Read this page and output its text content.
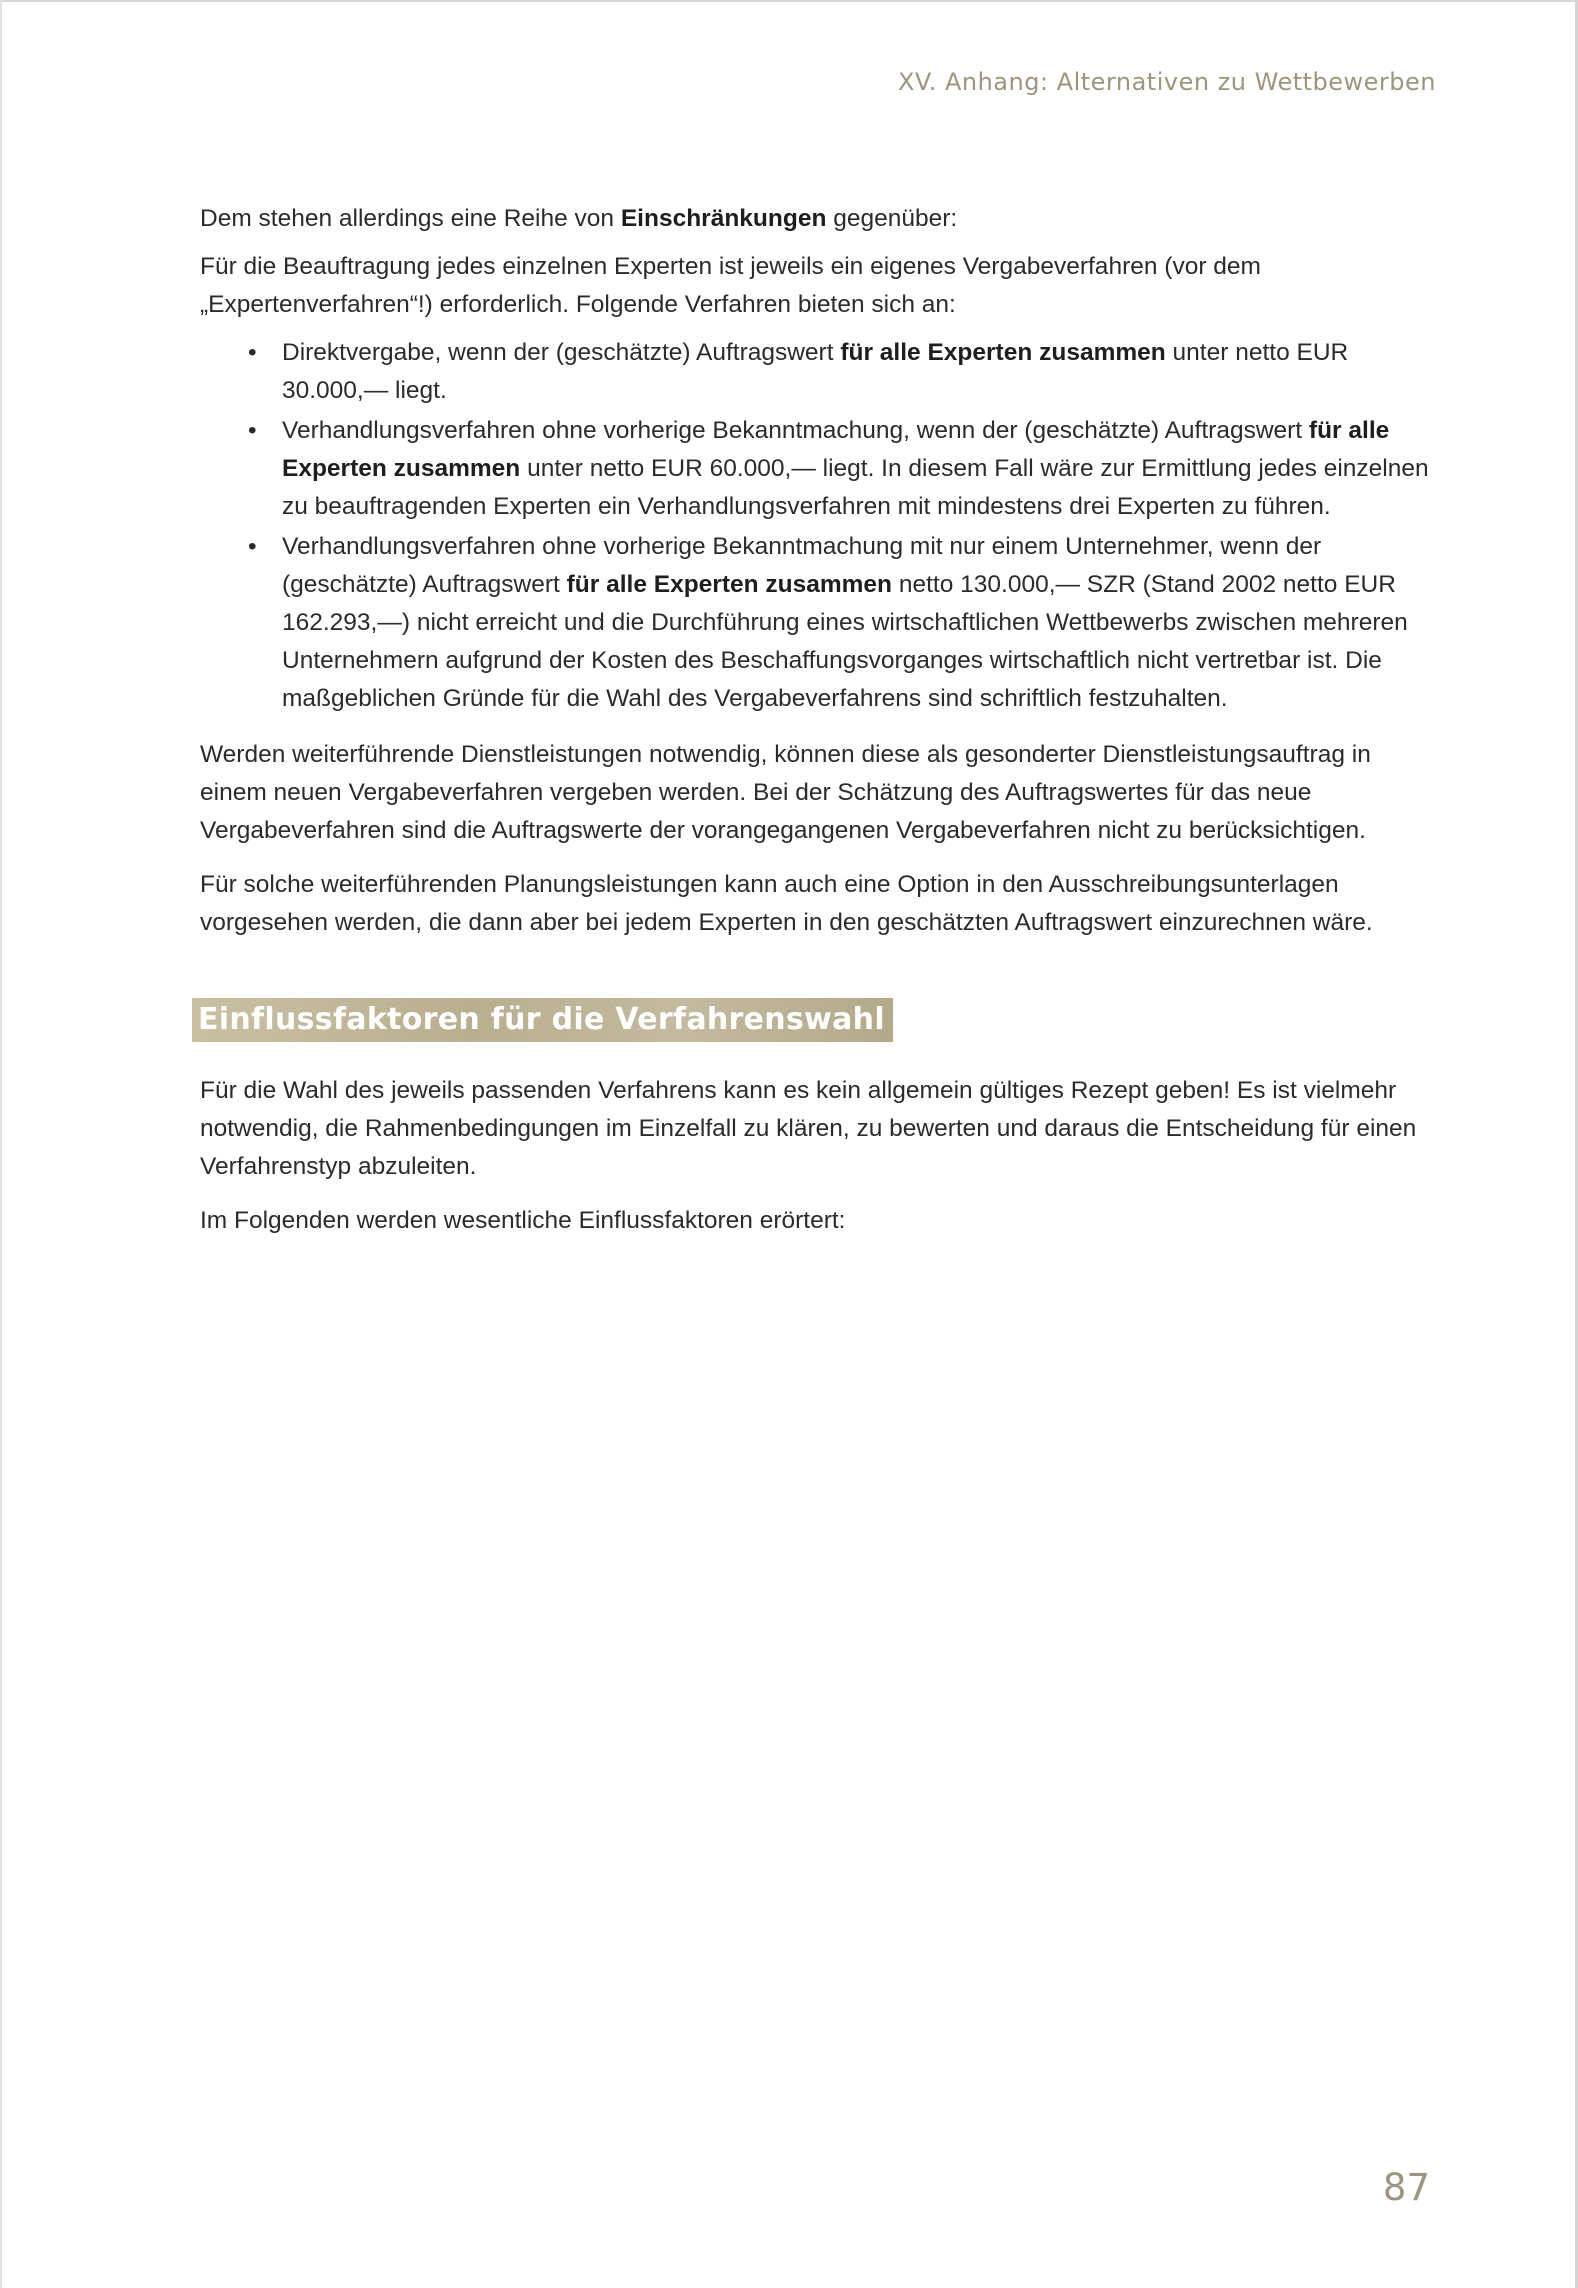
XV. Anhang: Alternativen zu Wettbewerben

Dem stehen allerdings eine Reihe von Einschränkungen gegenüber:

Für die Beauftragung jedes einzelnen Experten ist jeweils ein eigenes Vergabeverfahren (vor dem „Expertenverfahren“!) erforderlich. Folgende Verfahren bieten sich an:

• Direktvergabe, wenn der (geschätzte) Auftragswert für alle Experten zusammen unter netto EUR 30.000,— liegt.
• Verhandlungsverfahren ohne vorherige Bekanntmachung, wenn der (geschätzte) Auftragswert für alle Experten zusammen unter netto EUR 60.000,— liegt. In diesem Fall wäre zur Ermittlung jedes einzelnen zu beauftragenden Experten ein Verhandlungsverfahren mit mindestens drei Experten zu führen.
• Verhandlungsverfahren ohne vorherige Bekanntmachung mit nur einem Unternehmer, wenn der (geschätzte) Auftragswert für alle Experten zusammen netto 130.000,— SZR (Stand 2002 netto EUR 162.293,—) nicht erreicht und die Durchführung eines wirtschaftlichen Wettbewerbs zwischen mehreren Unternehmern aufgrund der Kosten des Beschaffungsvorganges wirtschaftlich nicht vertretbar ist. Die maßgeblichen Gründe für die Wahl des Vergabeverfahrens sind schriftlich festzuhalten.

Werden weiterführende Dienstleistungen notwendig, können diese als gesonderter Dienstleistungsauftrag in einem neuen Vergabeverfahren vergeben werden. Bei der Schätzung des Auftragswertes für das neue Vergabeverfahren sind die Auftragswerte der vorangegangenen Vergabeverfahren nicht zu berücksichtigen.

Für solche weiterführenden Planungsleistungen kann auch eine Option in den Ausschreibungsunterlagen vorgesehen werden, die dann aber bei jedem Experten in den geschätzten Auftragswert einzurechnen wäre.

Einflussfaktoren für die Verfahrenswahl

Für die Wahl des jeweils passenden Verfahrens kann es kein allgemein gültiges Rezept geben! Es ist vielmehr notwendig, die Rahmenbedingungen im Einzelfall zu klären, zu bewerten und daraus die Entscheidung für einen Verfahrenstyp abzuleiten.

Im Folgenden werden wesentliche Einflussfaktoren erörtert:

87
